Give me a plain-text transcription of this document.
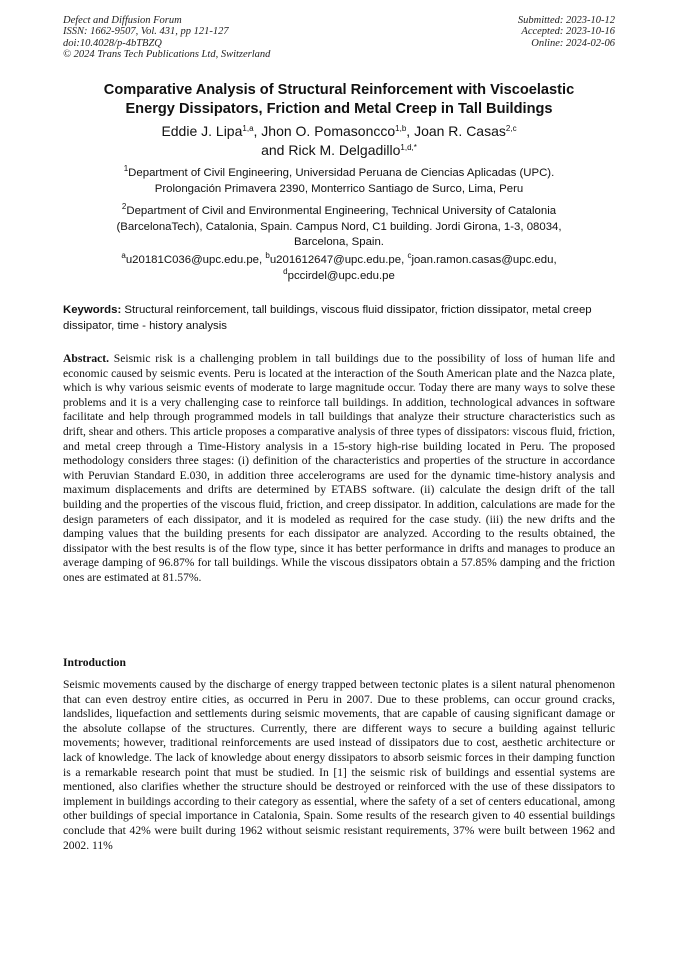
Defect and Diffusion Forum
ISSN: 1662-9507, Vol. 431, pp 121-127
doi:10.4028/p-4bTBZQ
© 2024 Trans Tech Publications Ltd, Switzerland
Submitted: 2023-10-12
Accepted: 2023-10-16
Online: 2024-02-06
Comparative Analysis of Structural Reinforcement with Viscoelastic
Energy Dissipators, Friction and Metal Creep in Tall Buildings
Eddie J. Lipa$^{1,a}$, Jhon O. Pomasoncco$^{1,b}$, Joan R. Casas$^{2,c}$
and Rick M. Delgadillo$^{1,d,*}$
$^1$Department of Civil Engineering, Universidad Peruana de Ciencias Aplicadas (UPC).
Prolongación Primavera 2390, Monterrico Santiago de Surco, Lima, Peru
$^2$Department of Civil and Environmental Engineering, Technical University of Catalonia
(BarcelonaTech), Catalonia, Spain. Campus Nord, C1 building. Jordi Girona, 1-3, 08034,
Barcelona, Spain.
$^a$u20181C036@upc.edu.pe, $^b$u201612647@upc.edu.pe, $^c$joan.ramon.casas@upc.edu,
$^d$pccirdel@upc.edu.pe
Keywords: Structural reinforcement, tall buildings, viscous fluid dissipator, friction dissipator, metal creep dissipator, time - history analysis
Abstract. Seismic risk is a challenging problem in tall buildings due to the possibility of loss of human life and economic caused by seismic events. Peru is located at the interaction of the South American plate and the Nazca plate, which is why various seismic events of moderate to large magnitude occur. Today there are many ways to solve these problems and it is a very challenging case to reinforce tall buildings. In addition, technological advances in software facilitate and help through programmed models in tall buildings that analyze their structure characteristics such as drift, shear and others. This article proposes a comparative analysis of three types of dissipators: viscous fluid, friction, and metal creep through a Time-History analysis in a 15-story high-rise building located in Peru. The proposed methodology considers three stages: (i) definition of the characteristics and properties of the structure in accordance with Peruvian Standard E.030, in addition three accelerograms are used for the dynamic time-history analysis and maximum displacements and drifts are determined by ETABS software. (ii) calculate the design drift of the tall building and the properties of the viscous fluid, friction, and creep dissipator. In addition, calculations are made for the design parameters of each dissipator, and it is modeled as required for the case study. (iii) the new drifts and the damping values that the building presents for each dissipator are analyzed. According to the results obtained, the dissipator with the best results is of the flow type, since it has better performance in drifts and manages to produce an average damping of 96.87% for tall buildings. While the viscous dissipators obtain a 57.85% damping and the friction ones are estimated at 81.57%.
Introduction
Seismic movements caused by the discharge of energy trapped between tectonic plates is a silent natural phenomenon that can even destroy entire cities, as occurred in Peru in 2007. Due to these problems, can occur ground cracks, landslides, liquefaction and settlements during seismic movements, that are capable of causing significant damage or the absolute collapse of the structures. Currently, there are different ways to secure a building against telluric movements; however, traditional reinforcements are used instead of dissipators due to cost, aesthetic architecture or lack of knowledge. The lack of knowledge about energy dissipators to absorb seismic forces in their damping function is a remarkable research point that must be studied. In [1] the seismic risk of buildings and essential systems are mentioned, also clarifies whether the structure should be destroyed or reinforced with the use of these dissipators to implement in buildings according to their category as essential, where the safety of a set of centers educational, among other buildings of special importance in Catalonia, Spain. Some results of the research given to 40 essential buildings conclude that 42% were built during 1962 without seismic resistant requirements, 37% were built between 1962 and 2002. 11%
